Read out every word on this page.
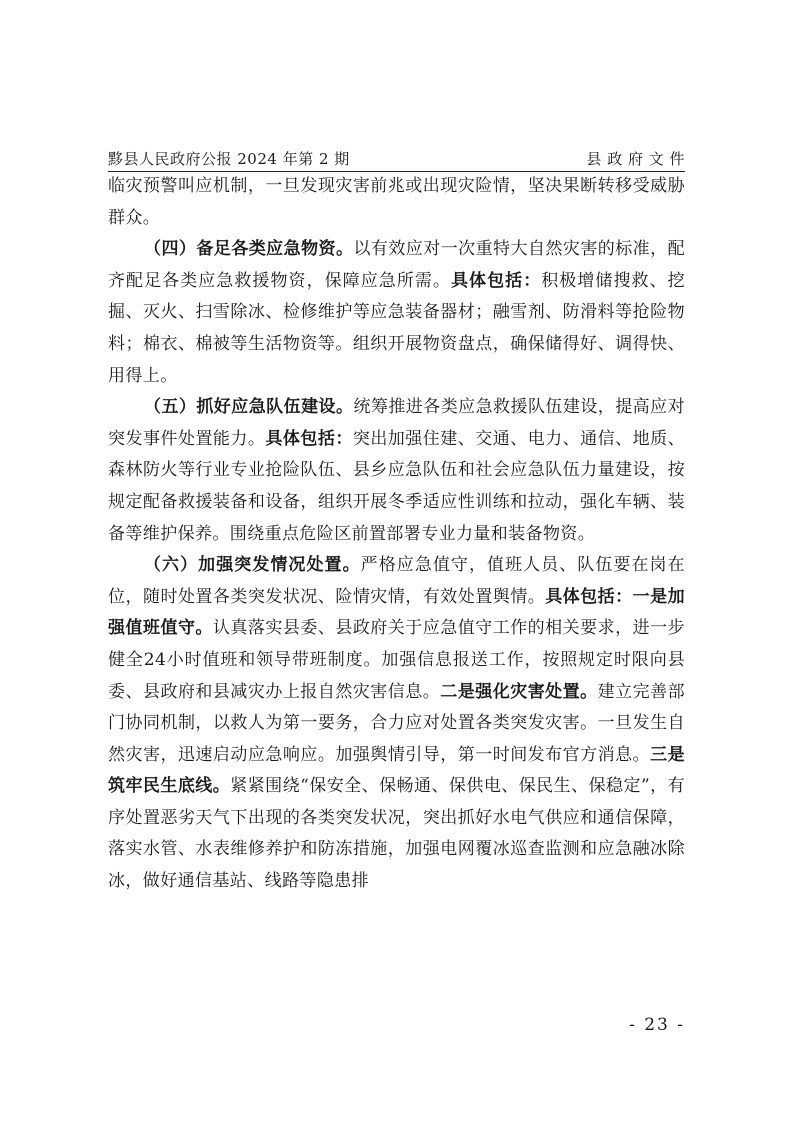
黟县人民政府公报 2024 年第 2 期	县 政 府 文 件

临灾预警叫应机制，一旦发现灾害前兆或出现灾险情，坚决果断转移受威胁群众。

（四）备足各类应急物资。以有效应对一次重特大自然灾害的标准，配齐配足各类应急救援物资，保障应急所需。具体包括：积极增储搜救、挖掘、灭火、扫雪除冰、检修维护等应急装备器材；融雪剂、防滑料等抢险物料；棉衣、棉被等生活物资等。组织开展物资盘点，确保储得好、调得快、用得上。

（五）抓好应急队伍建设。统筹推进各类应急救援队伍建设，提高应对突发事件处置能力。具体包括：突出加强住建、交通、电力、通信、地质、森林防火等行业专业抢险队伍、县乡应急队伍和社会应急队伍力量建设，按规定配备救援装备和设备，组织开展冬季适应性训练和拉动，强化车辆、装备等维护保养。围绕重点危险区前置部署专业力量和装备物资。

（六）加强突发情况处置。严格应急值守，值班人员、队伍要在岗在位，随时处置各类突发状况、险情灾情，有效处置舆情。具体包括：一是加强值班值守。认真落实县委、县政府关于应急值守工作的相关要求，进一步健全24小时值班和领导带班制度。加强信息报送工作，按照规定时限向县委、县政府和县减灾办上报自然灾害信息。二是强化灾害处置。建立完善部门协同机制，以救人为第一要务，合力应对处置各类突发灾害。一旦发生自然灾害，迅速启动应急响应。加强舆情引导，第一时间发布官方消息。三是筑牢民生底线。紧紧围绕“保安全、保畅通、保供电、保民生、保稳定”，有序处置恶劣天气下出现的各类突发状况，突出抓好水电气供应和通信保障，落实水管、水表维修养护和防冻措施，加强电网覆冰巡查监测和应急融冰除冰，做好通信基站、线路等隐患排

- 23 -
